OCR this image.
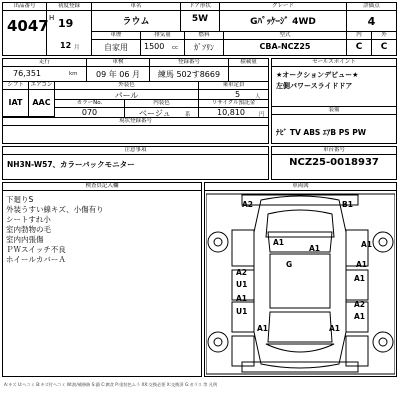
出品番号
4047
初度登録
H 19
12 月
車名
ラウム
ドア形状
5W
グレード
Gﾊﾟｯｹｰｼﾞ 4WD
評価点
4
車歴
自家用
排気量
1500 cc
燃料
ｶﾞｿﾘﾝ
型式
CBA-NCZ25
内
C
外
C
走行
76,351	km
車検
09 年 06 月
登録番号
練馬 502す8669
積載量
シフト
IAT
エアコン
AAC
外装色
パール
乗車定員
5	人
カラーNo.
070
内装色
ベージュ	系
リサイクル預託金
10,810	円
現状登録番号
セールスポイント
★オークションデビュー★
左側パワースライドドア
装備
ﾅﾋﾞ TV ABS ｴｱB PS PW
注意事項
NH3N-W57、カラーバックモニター
車台番号
NCZ25-0018937
検査員記入欄
下廻りS
外装うすい線キズ、小傷有り
シートすれ小
室内勃物の毛
室内内張傷
ＰＷスイッチ不良
ホイールカバーＡ
車両図
A2	B1
A1
A1	A1
G	A1
A2
U1
A1
A1
A2
U1
A1
A1	A1
A:キズ U:ヘコミ B:キズ付ヘコミ W:波/補修跡 S:錆 C:腐食 P:塗装色ムラ XX:交換必要 X:交換済 G:ガラス 等 凡例
